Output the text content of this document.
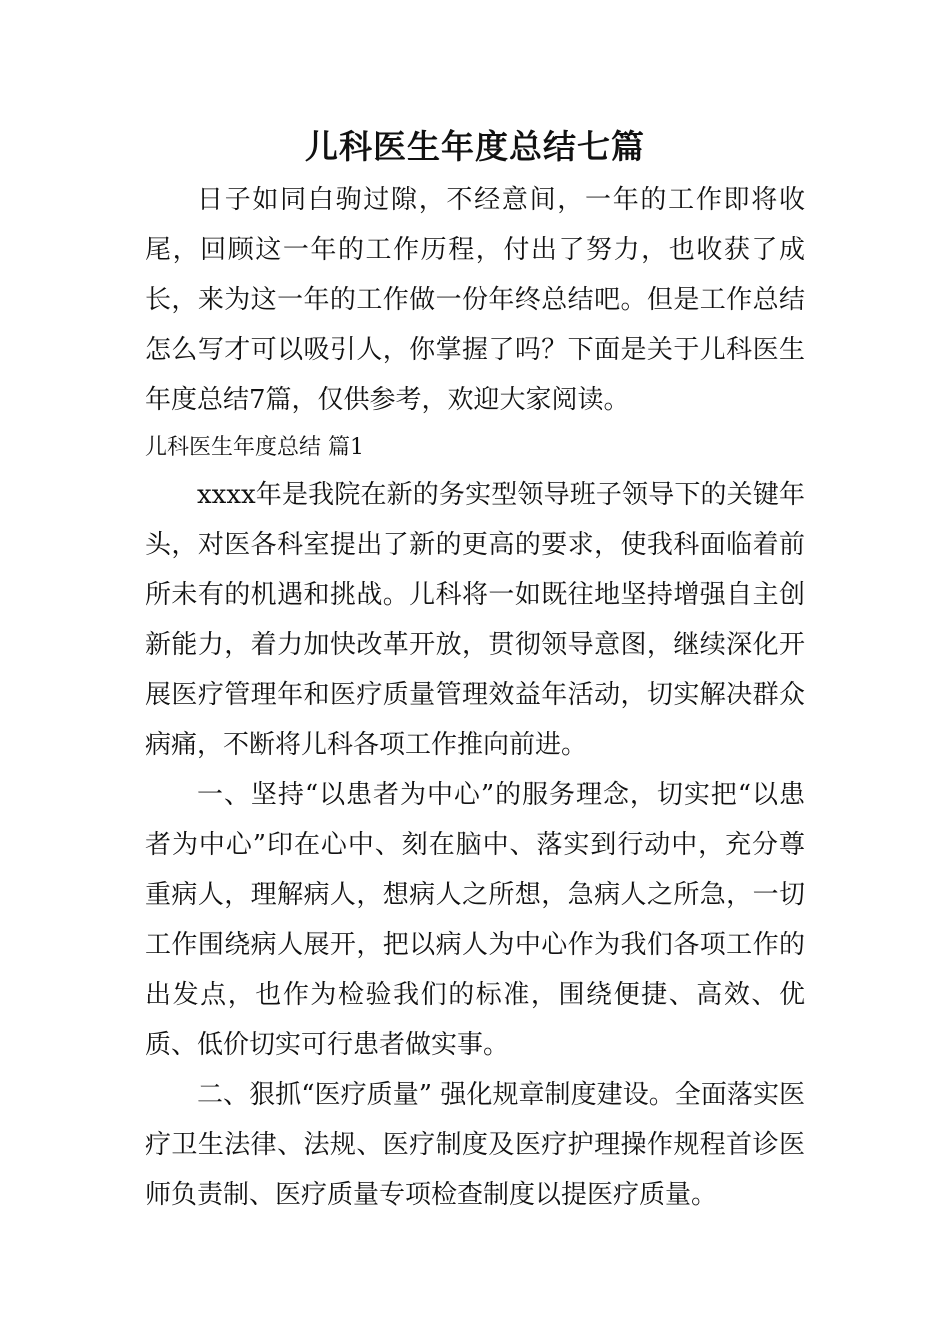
儿科医生年度总结七篇

日子如同白驹过隙，不经意间，一年的工作即将收尾，回顾这一年的工作历程，付出了努力，也收获了成长，来为这一年的工作做一份年终总结吧。但是工作总结怎么写才可以吸引人，你掌握了吗？下面是关于儿科医生年度总结7篇，仅供参考，欢迎大家阅读。

儿科医生年度总结 篇1

xxxx年是我院在新的务实型领导班子领导下的关键年头，对医各科室提出了新的更高的要求，使我科面临着前所未有的机遇和挑战。儿科将一如既往地坚持增强自主创新能力，着力加快改革开放，贯彻领导意图，继续深化开展医疗管理年和医疗质量管理效益年活动，切实解决群众病痛，不断将儿科各项工作推向前进。

一、坚持“以患者为中心”的服务理念，切实把“以患者为中心”印在心中、刻在脑中、落实到行动中，充分尊重病人，理解病人，想病人之所想，急病人之所急，一切工作围绕病人展开，把以病人为中心作为我们各项工作的出发点，也作为检验我们的标准，围绕便捷、高效、优质、低价切实可行患者做实事。

二、狠抓“医疗质量” 强化规章制度建设。全面落实医疗卫生法律、法规、医疗制度及医疗护理操作规程首诊医师负责制、医疗质量专项检查制度以提医疗质量。
